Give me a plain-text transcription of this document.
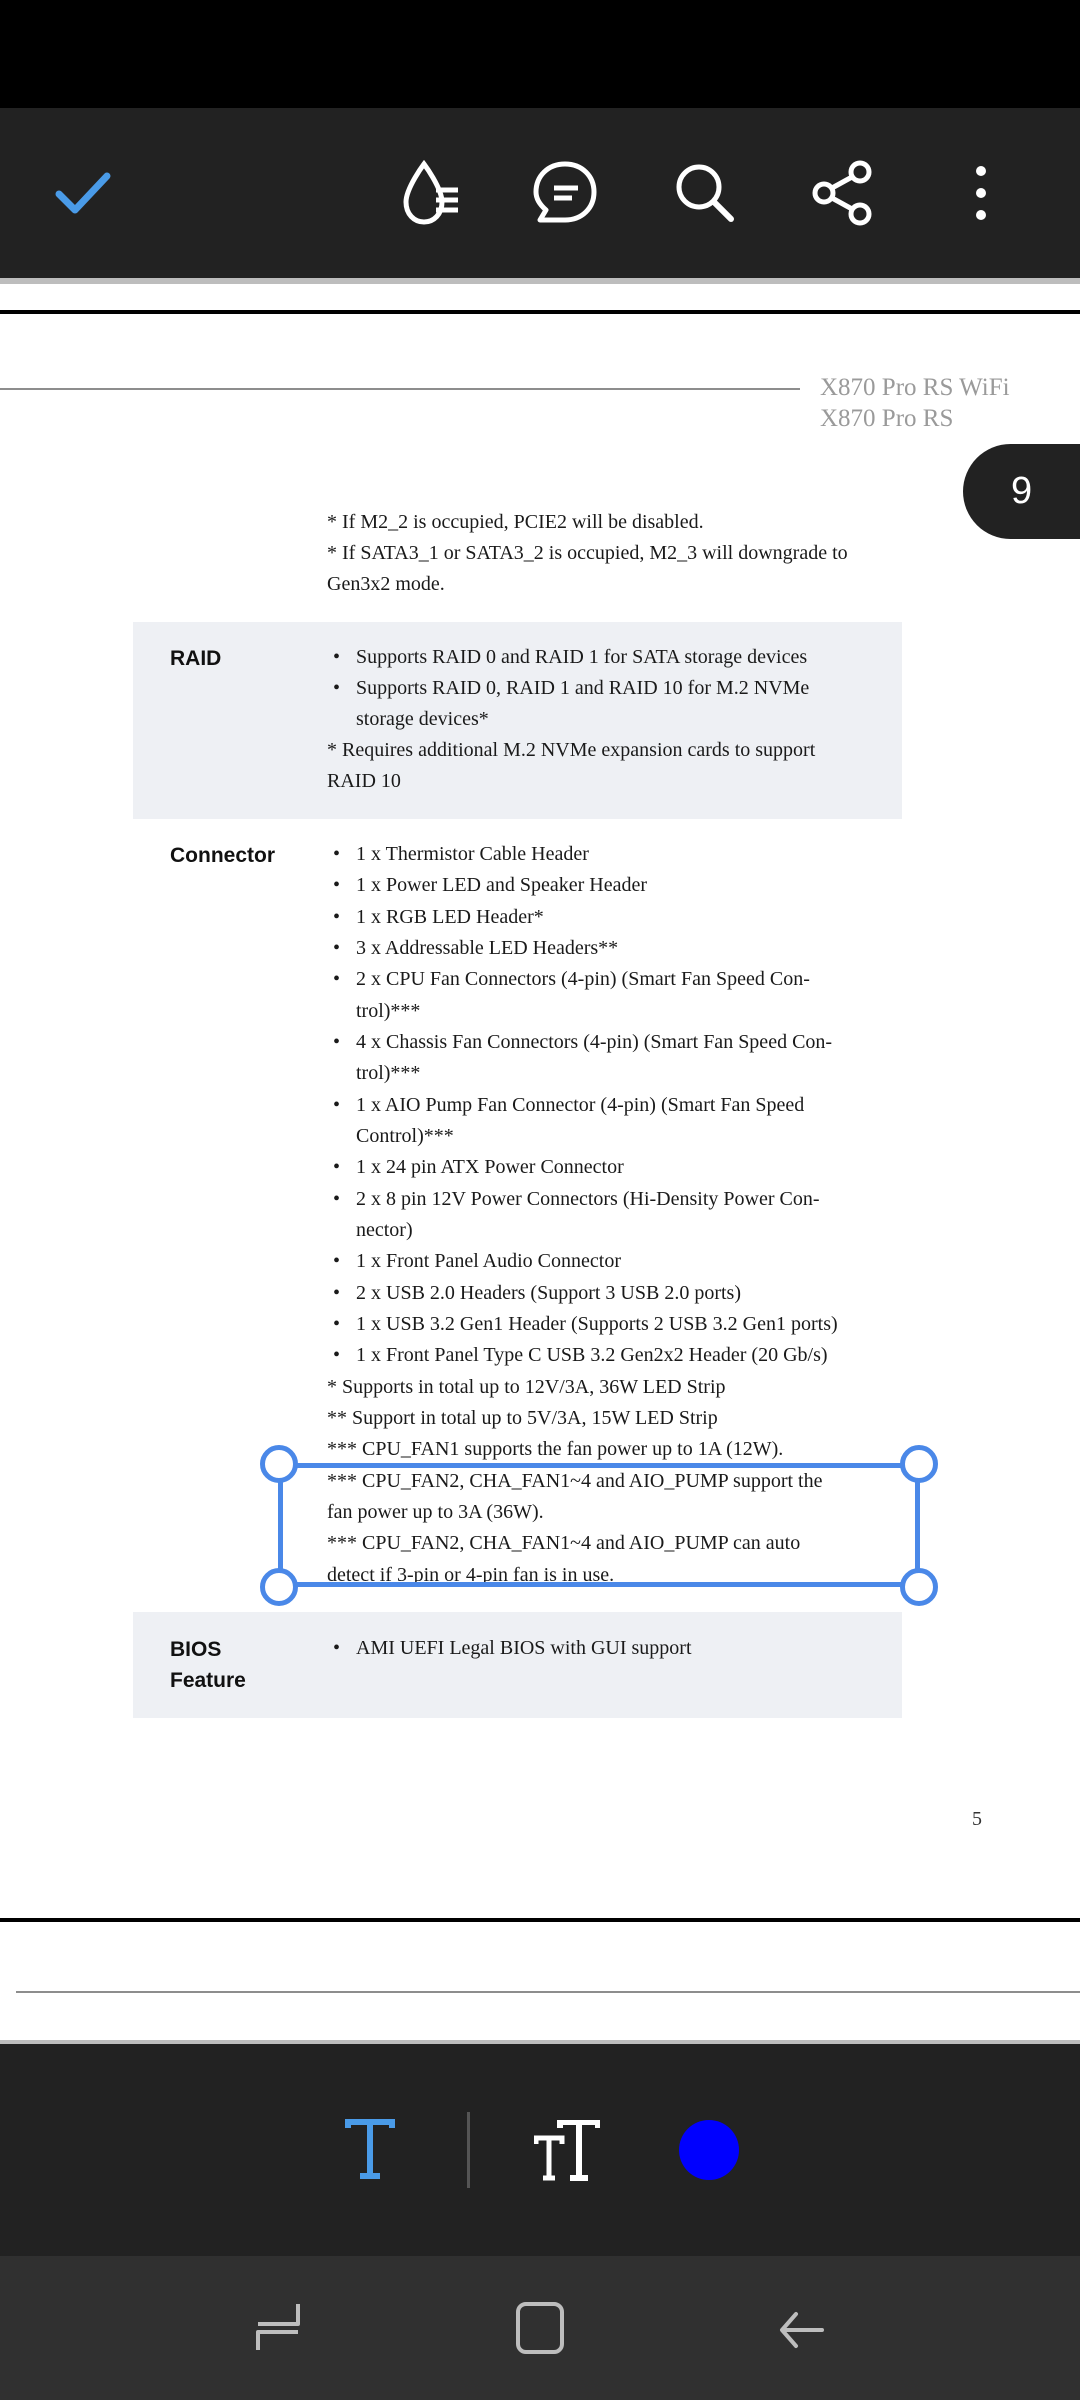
X870 Pro RS WiFi
X870 Pro RS
9
* If M2_2 is occupied, PCIE2 will be disabled.
* If SATA3_1 or SATA3_2 is occupied, M2_3 will downgrade to
Gen3x2 mode.
RAID	• Supports RAID 0 and RAID 1 for SATA storage devices
• Supports RAID 0, RAID 1 and RAID 10 for M.2 NVMe
storage devices*
* Requires additional M.2 NVMe expansion cards to support
RAID 10
Connector	• 1 x Thermistor Cable Header
• 1 x Power LED and Speaker Header
• 1 x RGB LED Header*
• 3 x Addressable LED Headers**
• 2 x CPU Fan Connectors (4-pin) (Smart Fan Speed Con-
trol)***
• 4 x Chassis Fan Connectors (4-pin) (Smart Fan Speed Con-
trol)***
• 1 x AIO Pump Fan Connector (4-pin) (Smart Fan Speed
Control)***
• 1 x 24 pin ATX Power Connector
• 2 x 8 pin 12V Power Connectors (Hi-Density Power Con-
nector)
• 1 x Front Panel Audio Connector
• 2 x USB 2.0 Headers (Support 3 USB 2.0 ports)
• 1 x USB 3.2 Gen1 Header (Supports 2 USB 3.2 Gen1 ports)
• 1 x Front Panel Type C USB 3.2 Gen2x2 Header (20 Gb/s)
* Supports in total up to 12V/3A, 36W LED Strip
** Support in total up to 5V/3A, 15W LED Strip
*** CPU_FAN1 supports the fan power up to 1A (12W).
*** CPU_FAN2, CHA_FAN1~4 and AIO_PUMP support the
fan power up to 3A (36W).
*** CPU_FAN2, CHA_FAN1~4 and AIO_PUMP can auto
detect if 3-pin or 4-pin fan is in use.
BIOS
Feature
• AMI UEFI Legal BIOS with GUI support
5
